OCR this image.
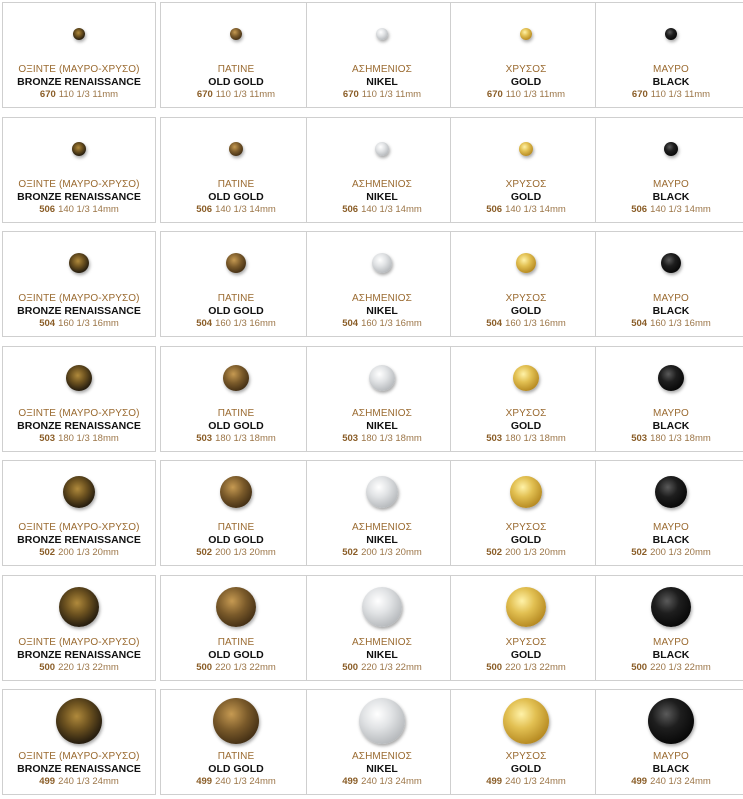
ΟΞΙΝΤΕ (ΜΑΥΡΟ-ΧΡΥΣΟ)
BRONZE RENAISSANCE
670 110 1/3 11mm
ΠΑΤΙΝΕ
OLD GOLD
670 110 1/3 11mm
ΑΣΗΜΕΝΙΟΣ
NIKEL
670 110 1/3 11mm
ΧΡΥΣΟΣ
GOLD
670 110 1/3 11mm
ΜΑΥΡΟ
BLACK
670 110 1/3 11mm
ΟΞΙΝΤΕ (ΜΑΥΡΟ-ΧΡΥΣΟ)
BRONZE RENAISSANCE
506 140 1/3 14mm
ΠΑΤΙΝΕ
OLD GOLD
506 140 1/3 14mm
ΑΣΗΜΕΝΙΟΣ
NIKEL
506 140 1/3 14mm
ΧΡΥΣΟΣ
GOLD
506 140 1/3 14mm
ΜΑΥΡΟ
BLACK
506 140 1/3 14mm
ΟΞΙΝΤΕ (ΜΑΥΡΟ-ΧΡΥΣΟ)
BRONZE RENAISSANCE
504 160 1/3 16mm
ΠΑΤΙΝΕ
OLD GOLD
504 160 1/3 16mm
ΑΣΗΜΕΝΙΟΣ
NIKEL
504 160 1/3 16mm
ΧΡΥΣΟΣ
GOLD
504 160 1/3 16mm
ΜΑΥΡΟ
BLACK
504 160 1/3 16mm
ΟΞΙΝΤΕ (ΜΑΥΡΟ-ΧΡΥΣΟ)
BRONZE RENAISSANCE
503 180 1/3 18mm
ΠΑΤΙΝΕ
OLD GOLD
503 180 1/3 18mm
ΑΣΗΜΕΝΙΟΣ
NIKEL
503 180 1/3 18mm
ΧΡΥΣΟΣ
GOLD
503 180 1/3 18mm
ΜΑΥΡΟ
BLACK
503 180 1/3 18mm
ΟΞΙΝΤΕ (ΜΑΥΡΟ-ΧΡΥΣΟ)
BRONZE RENAISSANCE
502 200 1/3 20mm
ΠΑΤΙΝΕ
OLD GOLD
502 200 1/3 20mm
ΑΣΗΜΕΝΙΟΣ
NIKEL
502 200 1/3 20mm
ΧΡΥΣΟΣ
GOLD
502 200 1/3 20mm
ΜΑΥΡΟ
BLACK
502 200 1/3 20mm
ΟΞΙΝΤΕ (ΜΑΥΡΟ-ΧΡΥΣΟ)
BRONZE RENAISSANCE
500 220 1/3 22mm
ΠΑΤΙΝΕ
OLD GOLD
500 220 1/3 22mm
ΑΣΗΜΕΝΙΟΣ
NIKEL
500 220 1/3 22mm
ΧΡΥΣΟΣ
GOLD
500 220 1/3 22mm
ΜΑΥΡΟ
BLACK
500 220 1/3 22mm
ΟΞΙΝΤΕ (ΜΑΥΡΟ-ΧΡΥΣΟ)
BRONZE RENAISSANCE
499 240 1/3 24mm
ΠΑΤΙΝΕ
OLD GOLD
499 240 1/3 24mm
ΑΣΗΜΕΝΙΟΣ
NIKEL
499 240 1/3 24mm
ΧΡΥΣΟΣ
GOLD
499 240 1/3 24mm
ΜΑΥΡΟ
BLACK
499 240 1/3 24mm
